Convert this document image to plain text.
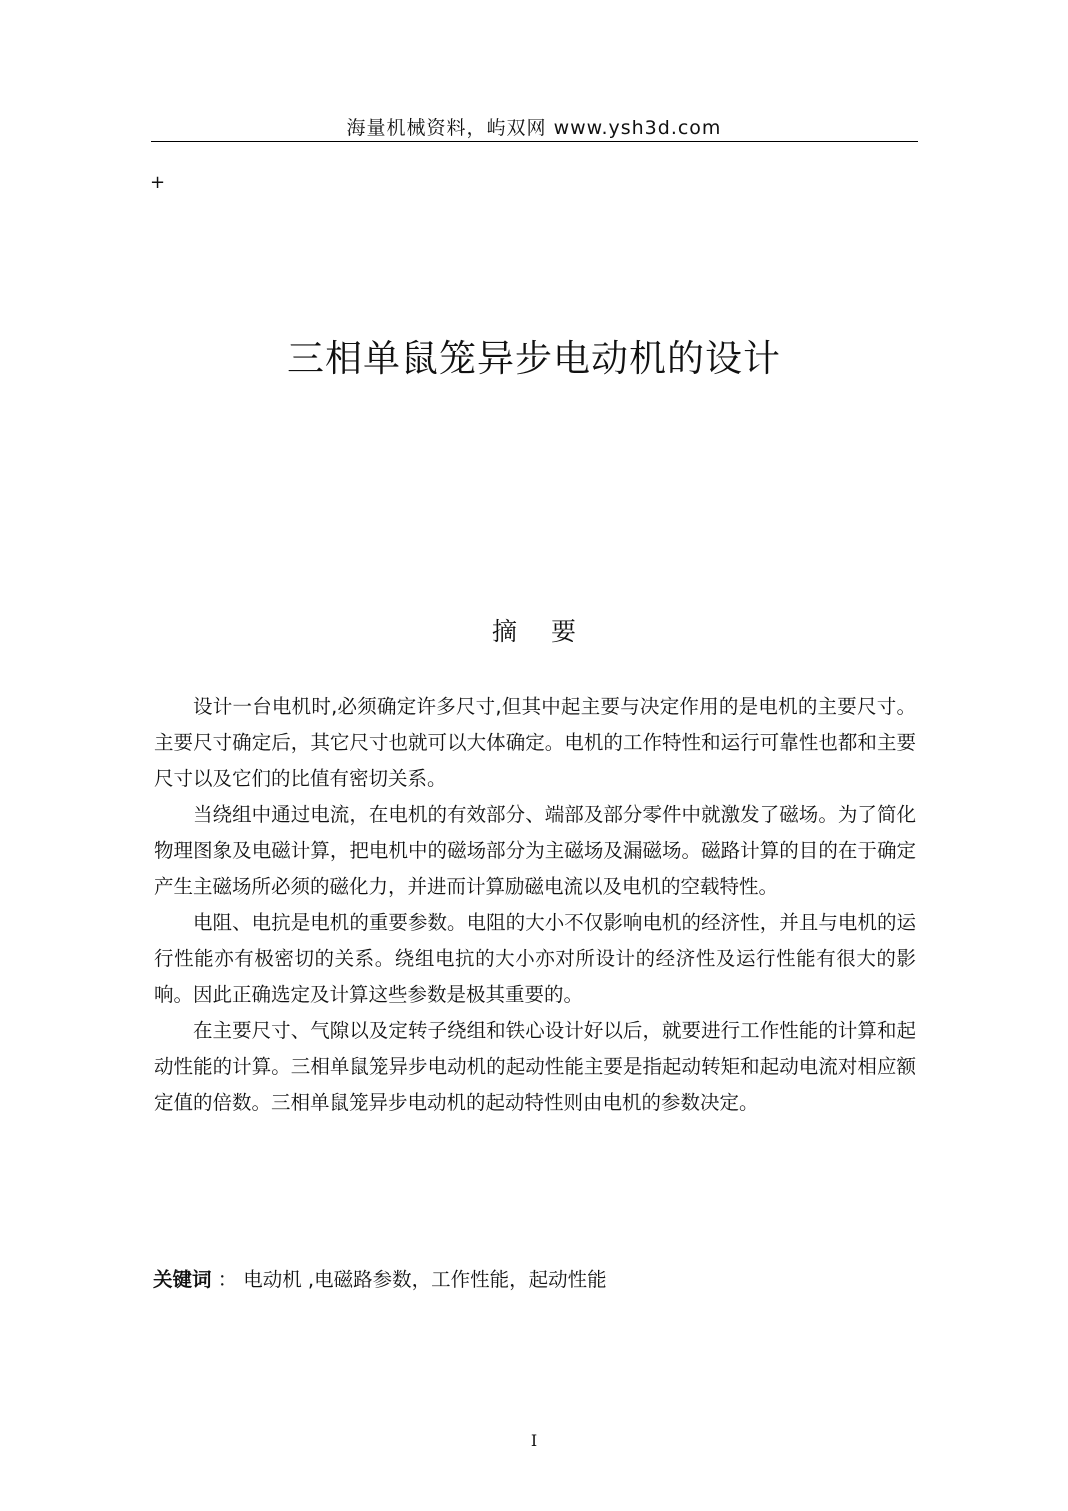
海量机械资料，屿双网 www.ysh3d.com
+
三相单鼠笼异步电动机的设计
摘 要

设计一台电机时,必须确定许多尺寸,但其中起主要与决定作用的是电机的主要尺寸。主要尺寸确定后，其它尺寸也就可以大体确定。电机的工作特性和运行可靠性也都和主要尺寸以及它们的比值有密切关系。

当绕组中通过电流，在电机的有效部分、端部及部分零件中就激发了磁场。为了简化物理图象及电磁计算，把电机中的磁场部分为主磁场及漏磁场。磁路计算的目的在于确定产生主磁场所必须的磁化力，并进而计算励磁电流以及电机的空载特性。

电阻、电抗是电机的重要参数。电阻的大小不仅影响电机的经济性，并且与电机的运行性能亦有极密切的关系。绕组电抗的大小亦对所设计的经济性及运行性能有很大的影响。因此正确选定及计算这些参数是极其重要的。

在主要尺寸、气隙以及定转子绕组和铁心设计好以后，就要进行工作性能的计算和起动性能的计算。三相单鼠笼异步电动机的起动性能主要是指起动转矩和起动电流对相应额定值的倍数。三相单鼠笼异步电动机的起动特性则由电机的参数决定。

关键词 ： 电动机 ,电磁路参数，工作性能，起动性能
I
